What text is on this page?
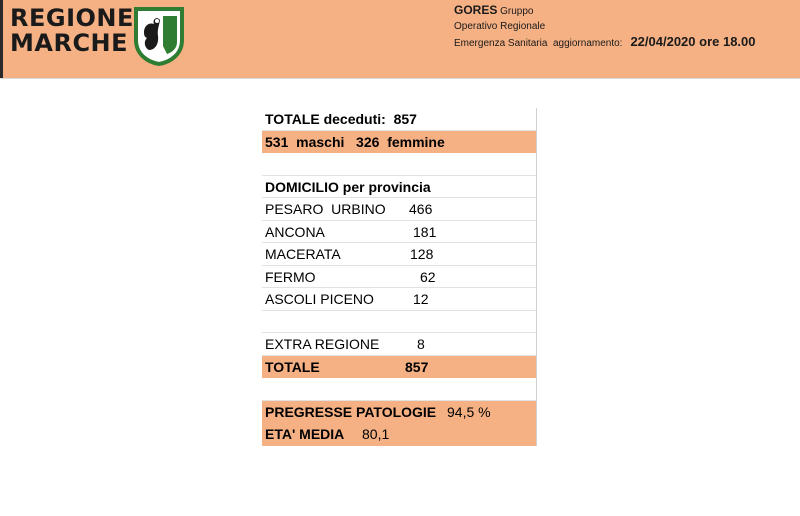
REGIONE
MARCHE
GORES Gruppo
Operativo Regionale
Emergenza Sanitaria aggiornamento: 22/04/2020 ore 18.00
TOTALE deceduti: 857
531  maschi   326  femmine
DOMICILIO per provincia
PESARO  URBINO 466
ANCONA	181
MACERATA	128
FERMO	62
ASCOLI PICENO	12
EXTRA REGIONE	8
TOTALE	857
PREGRESSE PATOLOGIE 94,5 %
ETA' MEDIA 80,1
